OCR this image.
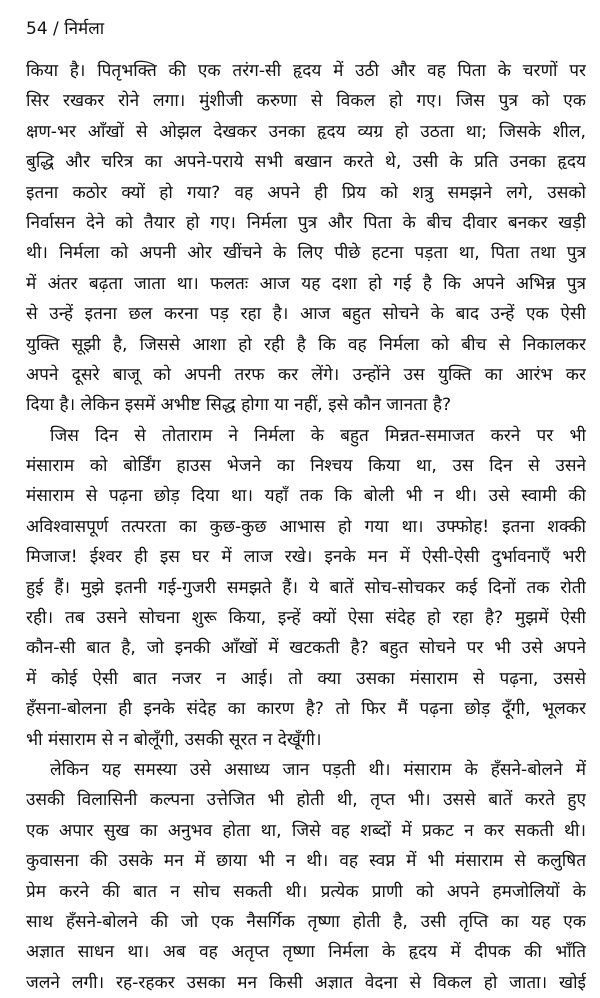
54 / निर्मला
किया है। पितृभक्ति की एक तरंग-सी हृदय में उठी और वह पिता के चरणों पर
सिर रखकर रोने लगा। मुंशीजी करुणा से विकल हो गए। जिस पुत्र को एक
क्षण-भर आँखों से ओझल देखकर उनका हृदय व्यग्र हो उठता था; जिसके शील,
बुद्धि और चरित्र का अपने-पराये सभी बखान करते थे, उसी के प्रति उनका हृदय
इतना कठोर क्यों हो गया? वह अपने ही प्रिय को शत्रु समझने लगे, उसको
निर्वासन देने को तैयार हो गए। निर्मला पुत्र और पिता के बीच दीवार बनकर खड़ी
थी। निर्मला को अपनी ओर खींचने के लिए पीछे हटना पड़ता था, पिता तथा पुत्र
में अंतर बढ़ता जाता था। फलतः आज यह दशा हो गई है कि अपने अभिन्न पुत्र
से उन्हें इतना छल करना पड़ रहा है। आज बहुत सोचने के बाद उन्हें एक ऐसी
युक्ति सूझी है, जिससे आशा हो रही है कि वह निर्मला को बीच से निकालकर
अपने दूसरे बाजू को अपनी तरफ कर लेंगे। उन्होंने उस युक्ति का आरंभ कर
दिया है। लेकिन इसमें अभीष्ट सिद्ध होगा या नहीं, इसे कौन जानता है?
जिस दिन से तोताराम ने निर्मला के बहुत मिन्नत-समाजत करने पर भी
मंसाराम को बोर्डिंग हाउस भेजने का निश्चय किया था, उस दिन से उसने
मंसाराम से पढ़ना छोड़ दिया था। यहाँ तक कि बोली भी न थी। उसे स्वामी की
अविश्वासपूर्ण तत्परता का कुछ-कुछ आभास हो गया था। उफ्फोह! इतना शक्की
मिजाज! ईश्वर ही इस घर में लाज रखे। इनके मन में ऐसी-ऐसी दुर्भावनाएँ भरी
हुई हैं। मुझे इतनी गई-गुजरी समझते हैं। ये बातें सोच-सोचकर कई दिनों तक रोती
रही। तब उसने सोचना शुरू किया, इन्हें क्यों ऐसा संदेह हो रहा है? मुझमें ऐसी
कौन-सी बात है, जो इनकी आँखों में खटकती है? बहुत सोचने पर भी उसे अपने
में कोई ऐसी बात नजर न आई। तो क्या उसका मंसाराम से पढ़ना, उससे
हँसना-बोलना ही इनके संदेह का कारण है? तो फिर मैं पढ़ना छोड़ दूँगी, भूलकर
भी मंसाराम से न बोलूँगी, उसकी सूरत न देखूँगी।
लेकिन यह समस्या उसे असाध्य जान पड़ती थी। मंसाराम के हँसने-बोलने में
उसकी विलासिनी कल्पना उत्तेजित भी होती थी, तृप्त भी। उससे बातें करते हुए
एक अपार सुख का अनुभव होता था, जिसे वह शब्दों में प्रकट न कर सकती थी।
कुवासना की उसके मन में छाया भी न थी। वह स्वप्न में भी मंसाराम से कलुषित
प्रेम करने की बात न सोच सकती थी। प्रत्येक प्राणी को अपने हमजोलियों के
साथ हँसने-बोलने की जो एक नैसर्गिक तृष्णा होती है, उसी तृप्ति का यह एक
अज्ञात साधन था। अब वह अतृप्त तृष्णा निर्मला के हृदय में दीपक की भाँति
जलने लगी। रह-रहकर उसका मन किसी अज्ञात वेदना से विकल हो जाता। खोई
